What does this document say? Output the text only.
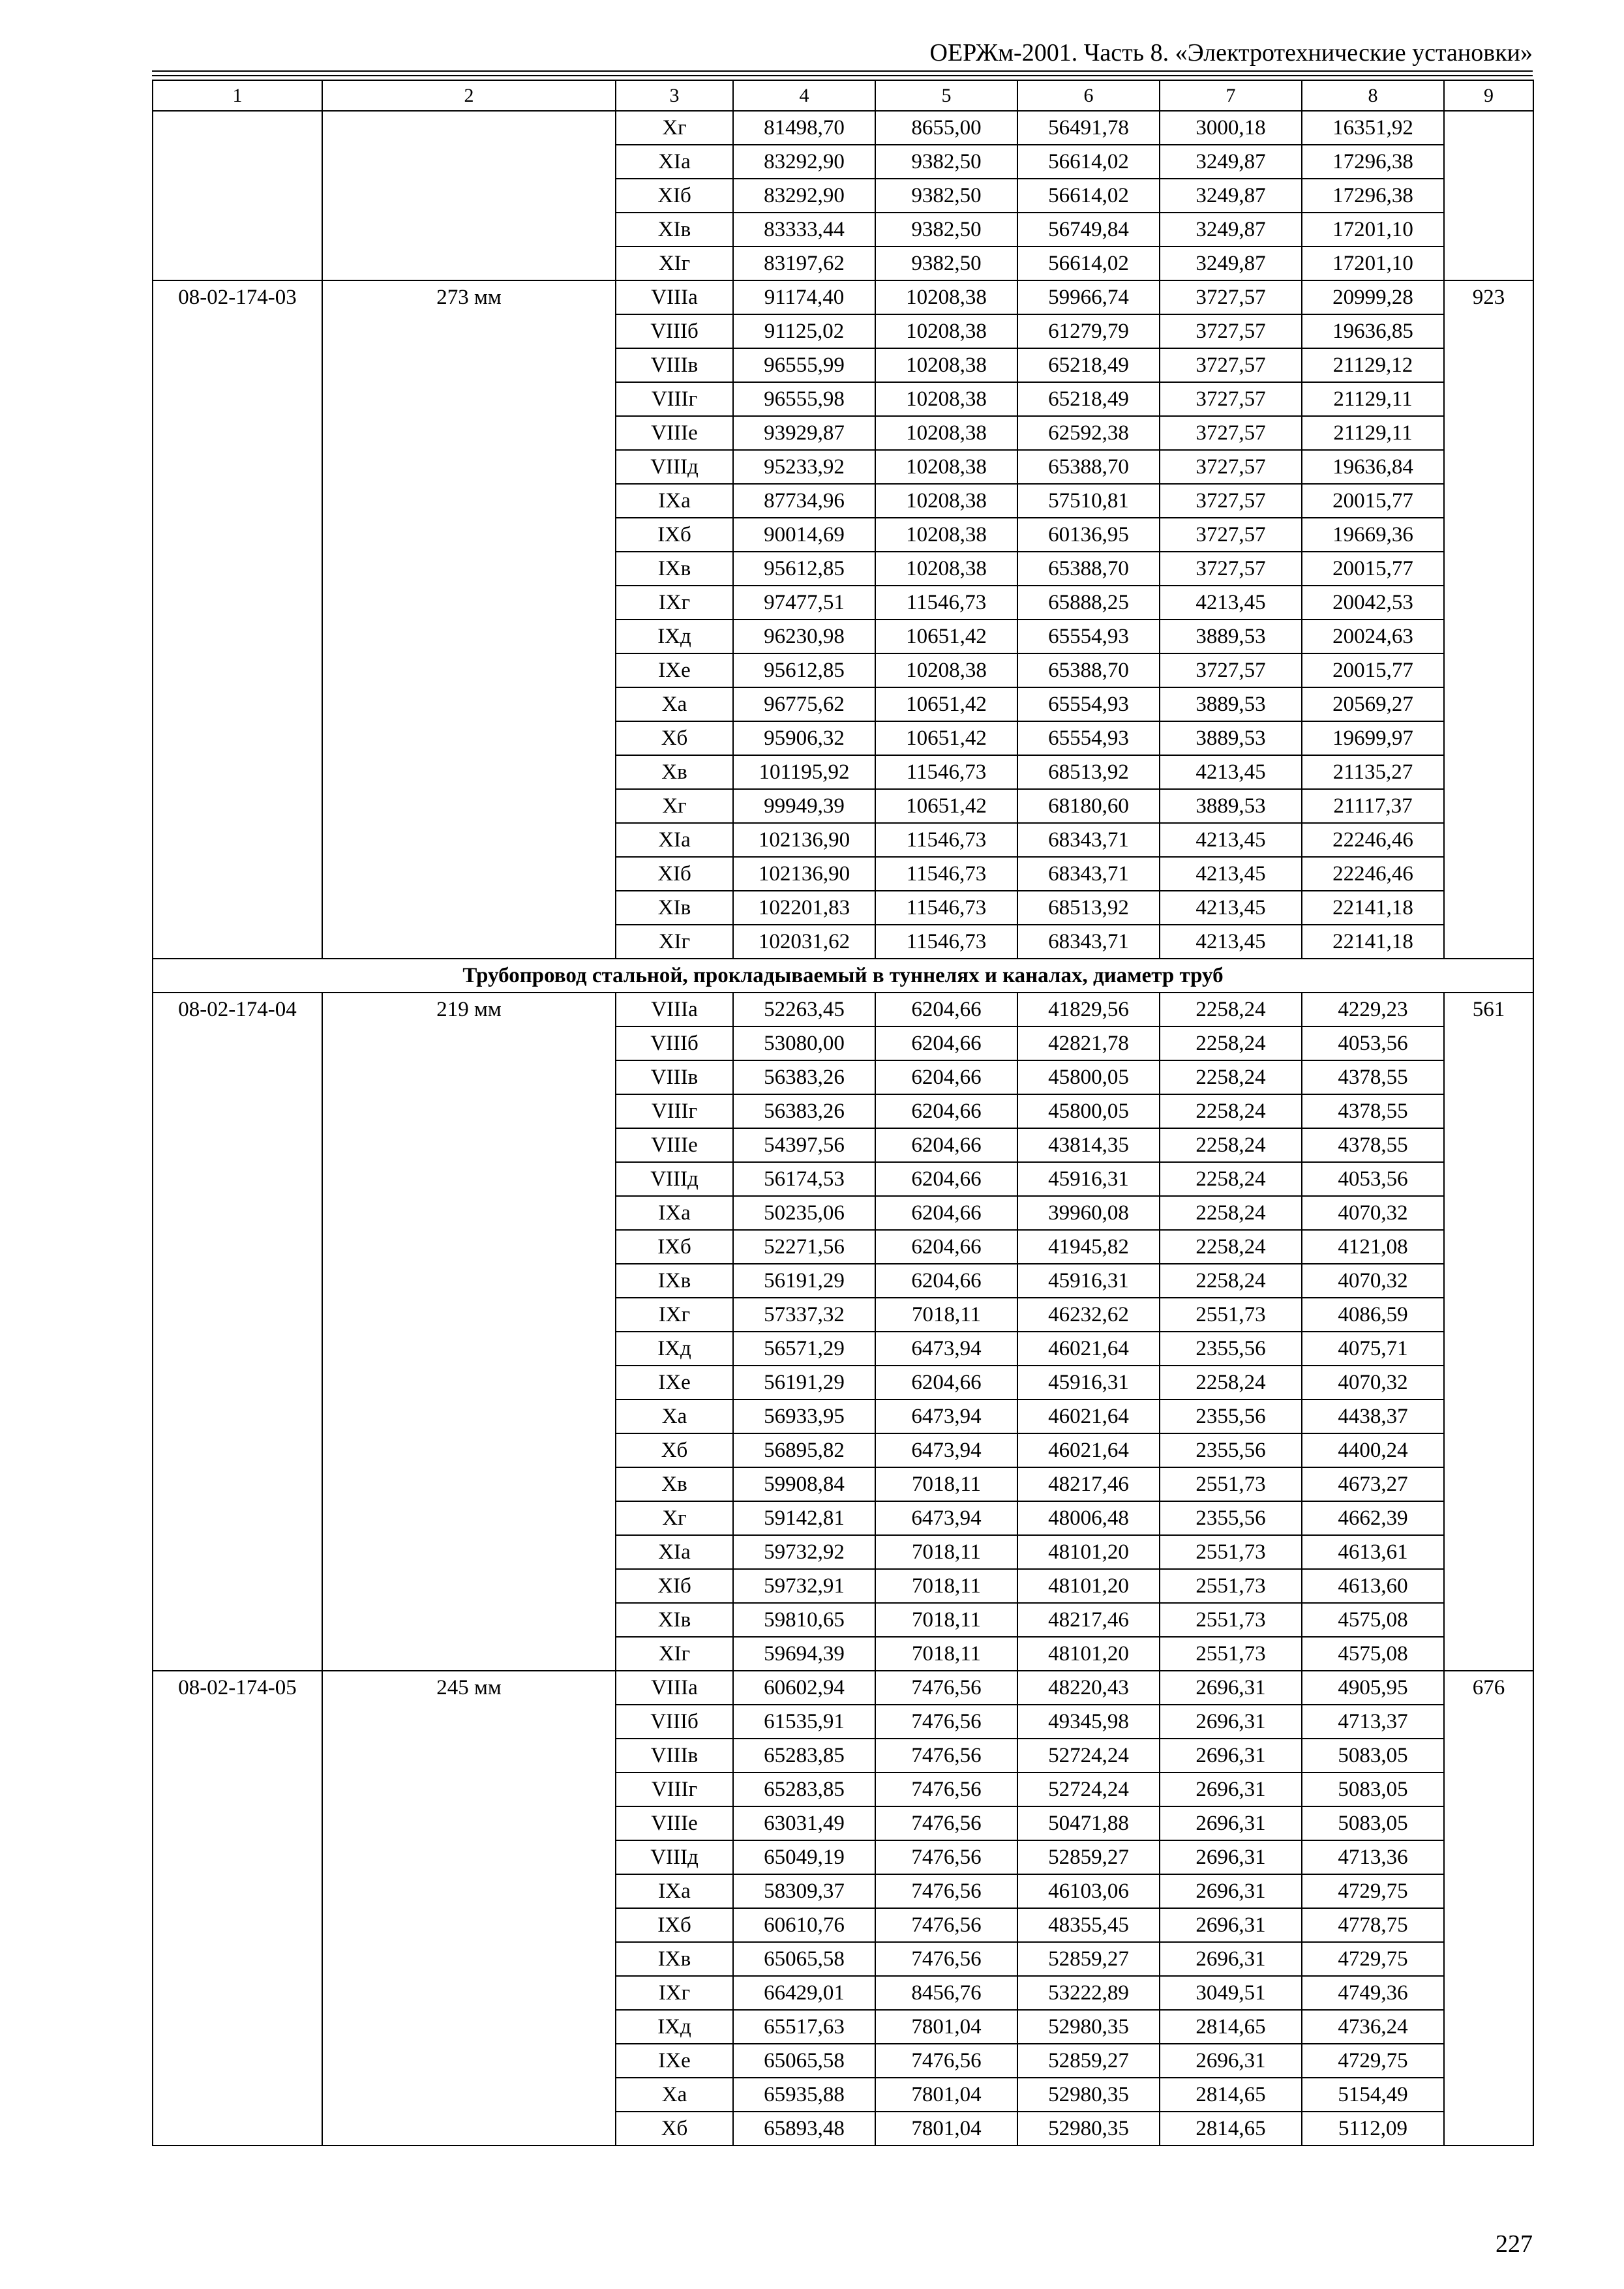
ОЕРЖм-2001. Часть 8. «Электротехнические установки»
1	2	3	4	5	6	7	8	9
		Xг	81498,70	8655,00	56491,78	3000,18	16351,92	
		XIа	83292,90	9382,50	56614,02	3249,87	17296,38	
		XIб	83292,90	9382,50	56614,02	3249,87	17296,38	
		XIв	83333,44	9382,50	56749,84	3249,87	17201,10	
		XIг	83197,62	9382,50	56614,02	3249,87	17201,10	
08-02-174-03	273 мм	VIIIа	91174,40	10208,38	59966,74	3727,57	20999,28	923
		VIIIб	91125,02	10208,38	61279,79	3727,57	19636,85	
		VIIIв	96555,99	10208,38	65218,49	3727,57	21129,12	
		VIIIг	96555,98	10208,38	65218,49	3727,57	21129,11	
		VIIIе	93929,87	10208,38	62592,38	3727,57	21129,11	
		VIIIд	95233,92	10208,38	65388,70	3727,57	19636,84	
		IXа	87734,96	10208,38	57510,81	3727,57	20015,77	
		IXб	90014,69	10208,38	60136,95	3727,57	19669,36	
		IXв	95612,85	10208,38	65388,70	3727,57	20015,77	
		IXг	97477,51	11546,73	65888,25	4213,45	20042,53	
		IXд	96230,98	10651,42	65554,93	3889,53	20024,63	
		IXе	95612,85	10208,38	65388,70	3727,57	20015,77	
		Xа	96775,62	10651,42	65554,93	3889,53	20569,27	
		Xб	95906,32	10651,42	65554,93	3889,53	19699,97	
		Xв	101195,92	11546,73	68513,92	4213,45	21135,27	
		Xг	99949,39	10651,42	68180,60	3889,53	21117,37	
		XIа	102136,90	11546,73	68343,71	4213,45	22246,46	
		XIб	102136,90	11546,73	68343,71	4213,45	22246,46	
		XIв	102201,83	11546,73	68513,92	4213,45	22141,18	
		XIг	102031,62	11546,73	68343,71	4213,45	22141,18	
Трубопровод стальной, прокладываемый в туннелях и каналах, диаметр труб								
08-02-174-04	219 мм	VIIIа	52263,45	6204,66	41829,56	2258,24	4229,23	561
		VIIIб	53080,00	6204,66	42821,78	2258,24	4053,56	
		VIIIв	56383,26	6204,66	45800,05	2258,24	4378,55	
		VIIIг	56383,26	6204,66	45800,05	2258,24	4378,55	
		VIIIе	54397,56	6204,66	43814,35	2258,24	4378,55	
		VIIIд	56174,53	6204,66	45916,31	2258,24	4053,56	
		IXа	50235,06	6204,66	39960,08	2258,24	4070,32	
		IXб	52271,56	6204,66	41945,82	2258,24	4121,08	
		IXв	56191,29	6204,66	45916,31	2258,24	4070,32	
		IXг	57337,32	7018,11	46232,62	2551,73	4086,59	
		IXд	56571,29	6473,94	46021,64	2355,56	4075,71	
		IXе	56191,29	6204,66	45916,31	2258,24	4070,32	
		Xа	56933,95	6473,94	46021,64	2355,56	4438,37	
		Xб	56895,82	6473,94	46021,64	2355,56	4400,24	
		Xв	59908,84	7018,11	48217,46	2551,73	4673,27	
		Xг	59142,81	6473,94	48006,48	2355,56	4662,39	
		XIа	59732,92	7018,11	48101,20	2551,73	4613,61	
		XIб	59732,91	7018,11	48101,20	2551,73	4613,60	
		XIв	59810,65	7018,11	48217,46	2551,73	4575,08	
		XIг	59694,39	7018,11	48101,20	2551,73	4575,08	
08-02-174-05	245 мм	VIIIа	60602,94	7476,56	48220,43	2696,31	4905,95	676
		VIIIб	61535,91	7476,56	49345,98	2696,31	4713,37	
		VIIIв	65283,85	7476,56	52724,24	2696,31	5083,05	
		VIIIг	65283,85	7476,56	52724,24	2696,31	5083,05	
		VIIIе	63031,49	7476,56	50471,88	2696,31	5083,05	
		VIIIд	65049,19	7476,56	52859,27	2696,31	4713,36	
		IXа	58309,37	7476,56	46103,06	2696,31	4729,75	
		IXб	60610,76	7476,56	48355,45	2696,31	4778,75	
		IXв	65065,58	7476,56	52859,27	2696,31	4729,75	
		IXг	66429,01	8456,76	53222,89	3049,51	4749,36	
		IXд	65517,63	7801,04	52980,35	2814,65	4736,24	
		IXе	65065,58	7476,56	52859,27	2696,31	4729,75	
		Xа	65935,88	7801,04	52980,35	2814,65	5154,49	
		Xб	65893,48	7801,04	52980,35	2814,65	5112,09	
227
